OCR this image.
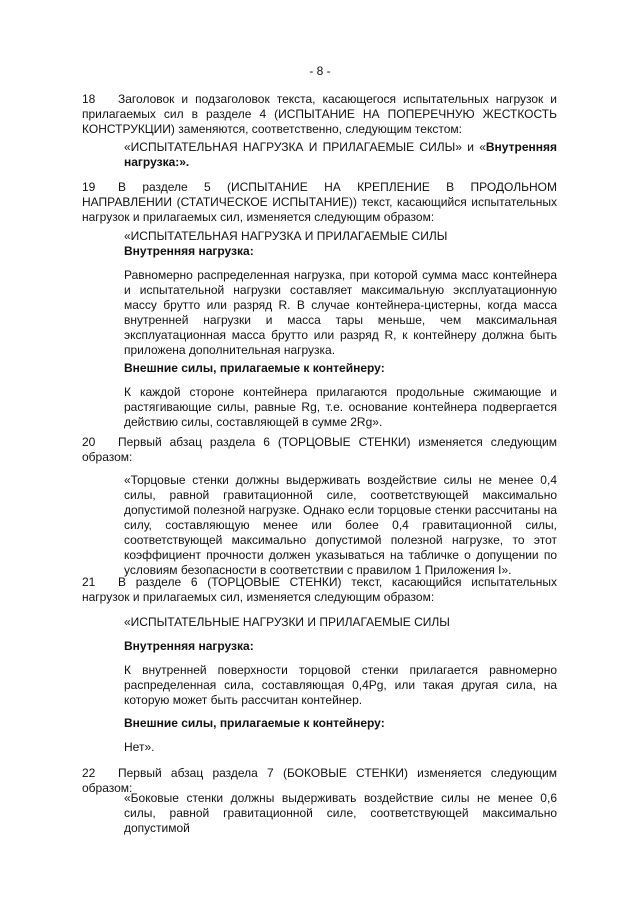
- 8 -
18 Заголовок и подзаголовок текста, касающегося испытательных нагрузок и прилагаемых сил в разделе 4 (ИСПЫТАНИЕ НА ПОПЕРЕЧНУЮ ЖЕСТКОСТЬ КОНСТРУКЦИИ) заменяются, соответственно, следующим текстом:
«ИСПЫТАТЕЛЬНАЯ НАГРУЗКА И ПРИЛАГАЕМЫЕ СИЛЫ» и «Внутренняя нагрузка:».
19 В разделе 5 (ИСПЫТАНИЕ НА КРЕПЛЕНИЕ В ПРОДОЛЬНОМ НАПРАВЛЕНИИ (СТАТИЧЕСКОЕ ИСПЫТАНИЕ)) текст, касающийся испытательных нагрузок и прилагаемых сил, изменяется следующим образом:
«ИСПЫТАТЕЛЬНАЯ НАГРУЗКА И ПРИЛАГАЕМЫЕ СИЛЫ
Внутренняя нагрузка:
Равномерно распределенная нагрузка, при которой сумма масс контейнера и испытательной нагрузки составляет максимальную эксплуатационную массу брутто или разряд R. В случае контейнера-цистерны, когда масса внутренней нагрузки и масса тары меньше, чем максимальная эксплуатационная масса брутто или разряд R, к контейнеру должна быть приложена дополнительная нагрузка.
Внешние силы, прилагаемые к контейнеру:
К каждой стороне контейнера прилагаются продольные сжимающие и растягивающие силы, равные Rg, т.е. основание контейнера подвергается действию силы, составляющей в сумме 2Rg».
20 Первый абзац раздела 6 (ТОРЦОВЫЕ СТЕНКИ) изменяется следующим образом:
«Торцовые стенки должны выдерживать воздействие силы не менее 0,4 силы, равной гравитационной силе, соответствующей максимально допустимой полезной нагрузке. Однако если торцовые стенки рассчитаны на силу, составляющую менее или более 0,4 гравитационной силы, соответствующей максимально допустимой полезной нагрузке, то этот коэффициент прочности должен указываться на табличке о допущении по условиям безопасности в соответствии с правилом 1 Приложения I».
21 В разделе 6 (ТОРЦОВЫЕ СТЕНКИ) текст, касающийся испытательных нагрузок и прилагаемых сил, изменяется следующим образом:
«ИСПЫТАТЕЛЬНЫЕ НАГРУЗКИ И ПРИЛАГАЕМЫЕ СИЛЫ
Внутренняя нагрузка:
К внутренней поверхности торцовой стенки прилагается равномерно распределенная сила, составляющая 0,4Pg, или такая другая сила, на которую может быть рассчитан контейнер.
Внешние силы, прилагаемые к контейнеру:
Нет».
22 Первый абзац раздела 7 (БОКОВЫЕ СТЕНКИ) изменяется следующим образом:
«Боковые стенки должны выдерживать воздействие силы не менее 0,6 силы, равной гравитационной силе, соответствующей максимально допустимой
